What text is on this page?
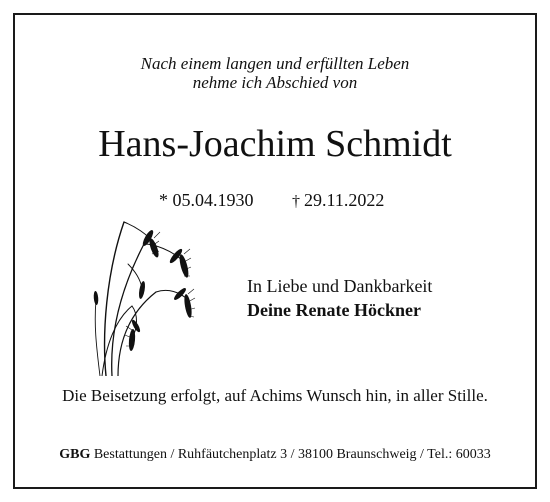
Nach einem langen und erfüllten Leben
nehme ich Abschied von
Hans-Joachim Schmidt
* 05.04.1930 † 29.11.2022
In Liebe und Dankbarkeit
Deine Renate Höckner
Die Beisetzung erfolgt, auf Achims Wunsch hin, in aller Stille.
GBG Bestattungen / Ruhfäutchenplatz 3 / 38100 Braunschweig / Tel.: 60033
